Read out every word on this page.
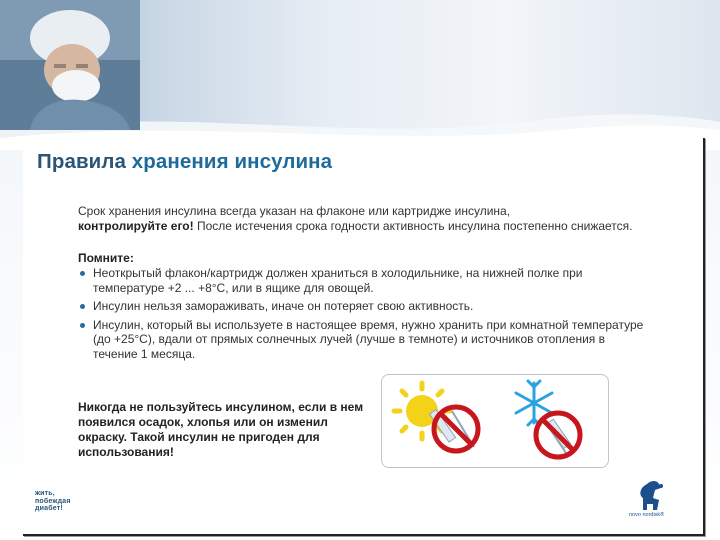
Правила хранения инсулина
Срок хранения инсулина всегда указан на флаконе или картридже инсулина,
контролируйте его! После истечения срока годности активность инсулина постепенно снижается.
Помните:
Неоткрытый флакон/картридж должен храниться в холодильнике, на нижней полке при температуре +2 ... +8°С, или в ящике для овощей.
Инсулин нельзя замораживать, иначе он потеряет свою активность.
Инсулин, который вы используете в настоящее время, нужно хранить при комнатной температуре (до +25°С), вдали от прямых солнечных лучей (лучше в темноте) и источников отопления в течение 1 месяца.
Никогда не пользуйтесь инсулином, если в нем появился осадок, хлопья или он изменил окраску. Такой инсулин не пригоден для использования!
жить,
побеждая
диабет!
novo nordisk®
